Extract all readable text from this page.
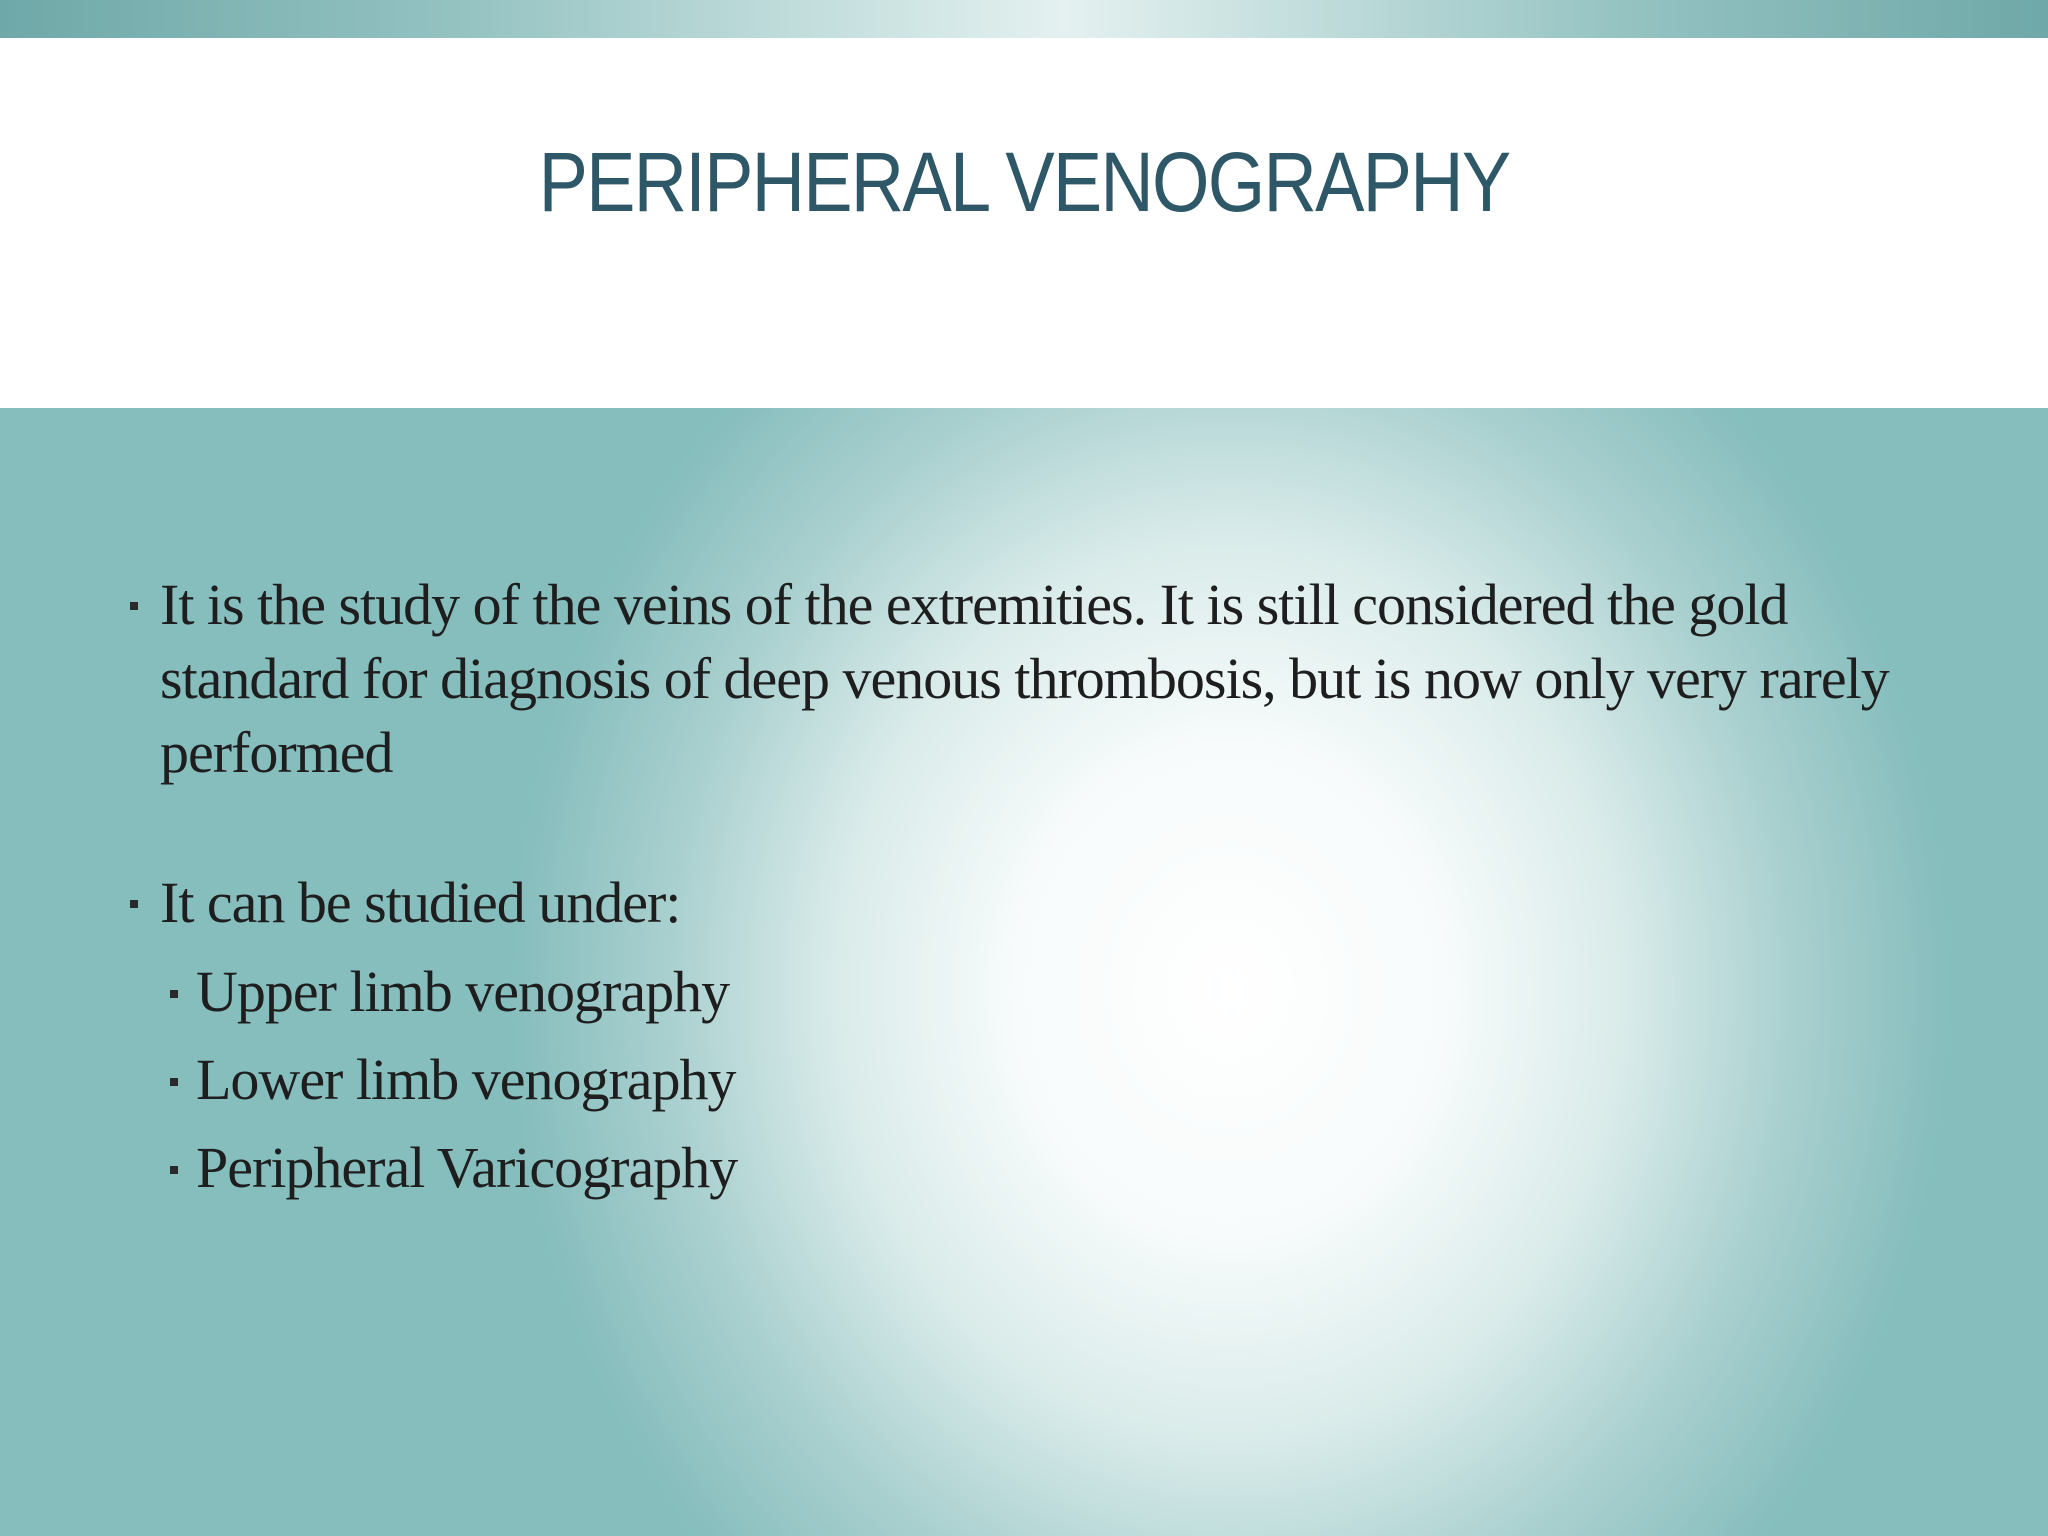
PERIPHERAL VENOGRAPHY
It is the study of the veins of the extremities. It is still considered the gold standard for diagnosis of deep venous thrombosis, but is now only very rarely performed
It can be studied under:
Upper limb venography
Lower limb venography
Peripheral Varicography
